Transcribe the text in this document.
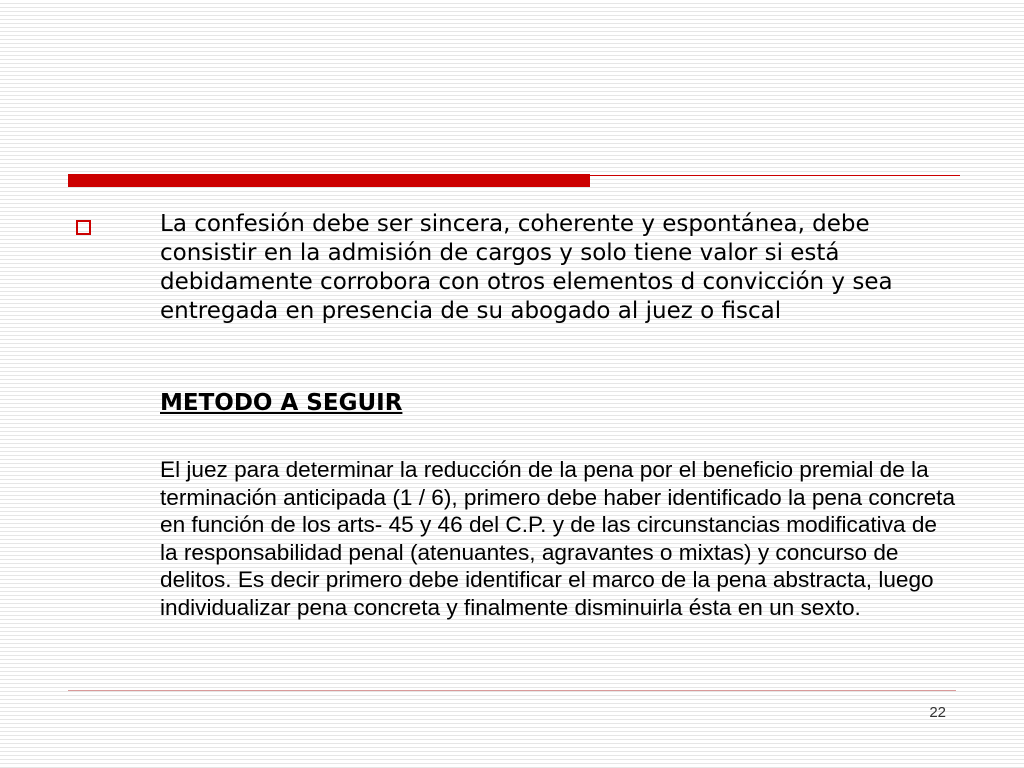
La confesión debe ser sincera, coherente y espontánea, debe consistir en la admisión de cargos y solo tiene valor si está debidamente corrobora con otros elementos d convicción y sea entregada en presencia de su abogado al juez o fiscal

METODO A SEGUIR

El juez para determinar la reducción de la pena por el beneficio premial de la terminación anticipada (1 / 6), primero debe haber identificado la pena concreta en función de los arts- 45 y 46 del C.P. y de las circunstancias modificativa de la responsabilidad penal (atenuantes, agravantes o mixtas) y concurso de delitos. Es decir primero debe identificar el marco de la pena abstracta, luego individualizar pena concreta y finalmente disminuirla ésta en un sexto.

22
